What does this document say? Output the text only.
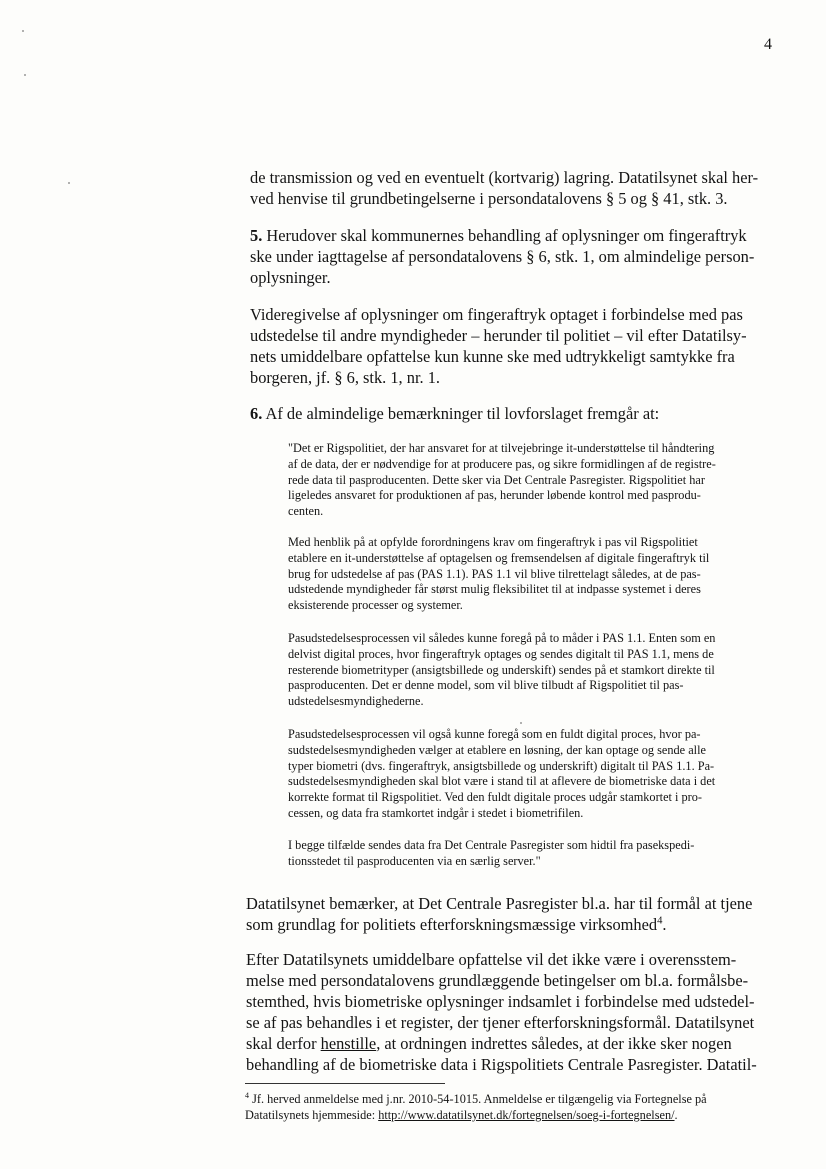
4

de transmission og ved en eventuelt (kortvarig) lagring. Datatilsynet skal her-
ved henvise til grundbetingelserne i persondatalovens § 5 og § 41, stk. 3.

5. Herudover skal kommunernes behandling af oplysninger om fingeraftryk
ske under iagttagelse af persondatalovens § 6, stk. 1, om almindelige person-
oplysninger.

Videregivelse af oplysninger om fingeraftryk optaget i forbindelse med pas
udstedelse til andre myndigheder – herunder til politiet – vil efter Datatilsy-
nets umiddelbare opfattelse kun kunne ske med udtrykkeligt samtykke fra
borgeren, jf. § 6, stk. 1, nr. 1.

6. Af de almindelige bemærkninger til lovforslaget fremgår at:

"Det er Rigspolitiet, der har ansvaret for at tilvejebringe it-understøttelse til håndtering
af de data, der er nødvendige for at producere pas, og sikre formidlingen af de registre-
rede data til pasproducenten. Dette sker via Det Centrale Pasregister. Rigspolitiet har
ligeledes ansvaret for produktionen af pas, herunder løbende kontrol med pasprodu-
centen.

Med henblik på at opfylde forordningens krav om fingeraftryk i pas vil Rigspolitiet
etablere en it-understøttelse af optagelsen og fremsendelsen af digitale fingeraftryk til
brug for udstedelse af pas (PAS 1.1). PAS 1.1 vil blive tilrettelagt således, at de pas-
udstedende myndigheder får størst mulig fleksibilitet til at indpasse systemet i deres
eksisterende processer og systemer.

Pasudstedelsesprocessen vil således kunne foregå på to måder i PAS 1.1. Enten som en
delvist digital proces, hvor fingeraftryk optages og sendes digitalt til PAS 1.1, mens de
resterende biometrityper (ansigtsbillede og underskift) sendes på et stamkort direkte til
pasproducenten. Det er denne model, som vil blive tilbudt af Rigspolitiet til pas-
udstedelsesmyndighederne.

Pasudstedelsesprocessen vil også kunne foregå som en fuldt digital proces, hvor pa-
sudstedelsesmyndigheden vælger at etablere en løsning, der kan optage og sende alle
typer biometri (dvs. fingeraftryk, ansigtsbillede og underskrift) digitalt til PAS 1.1. Pa-
sudstedelsesmyndigheden skal blot være i stand til at aflevere de biometriske data i det
korrekte format til Rigspolitiet. Ved den fuldt digitale proces udgår stamkortet i pro-
cessen, og data fra stamkortet indgår i stedet i biometrifilen.

I begge tilfælde sendes data fra Det Centrale Pasregister som hidtil fra pasekspedi-
tionsstedet til pasproducenten via en særlig server."

Datatilsynet bemærker, at Det Centrale Pasregister bl.a. har til formål at tjene
som grundlag for politiets efterforskningsmæssige virksomhed$^4$.

Efter Datatilsynets umiddelbare opfattelse vil det ikke være i overensstem-
melse med persondatalovens grundlæggende betingelser om bl.a. formålsbe-
stemthed, hvis biometriske oplysninger indsamlet i forbindelse med udstedel-
se af pas behandles i et register, der tjener efterforskningsformål. Datatilsynet
skal derfor henstille, at ordningen indrettes således, at der ikke sker nogen
behandling af de biometriske data i Rigspolitiets Centrale Pasregister. Datatil-

$^4$ Jf. herved anmeldelse med j.nr. 2010-54-1015. Anmeldelse er tilgængelig via Fortegnelse på
Datatilsynets hjemmeside: http://www.datatilsynet.dk/fortegnelsen/soeg-i-fortegnelsen/.
